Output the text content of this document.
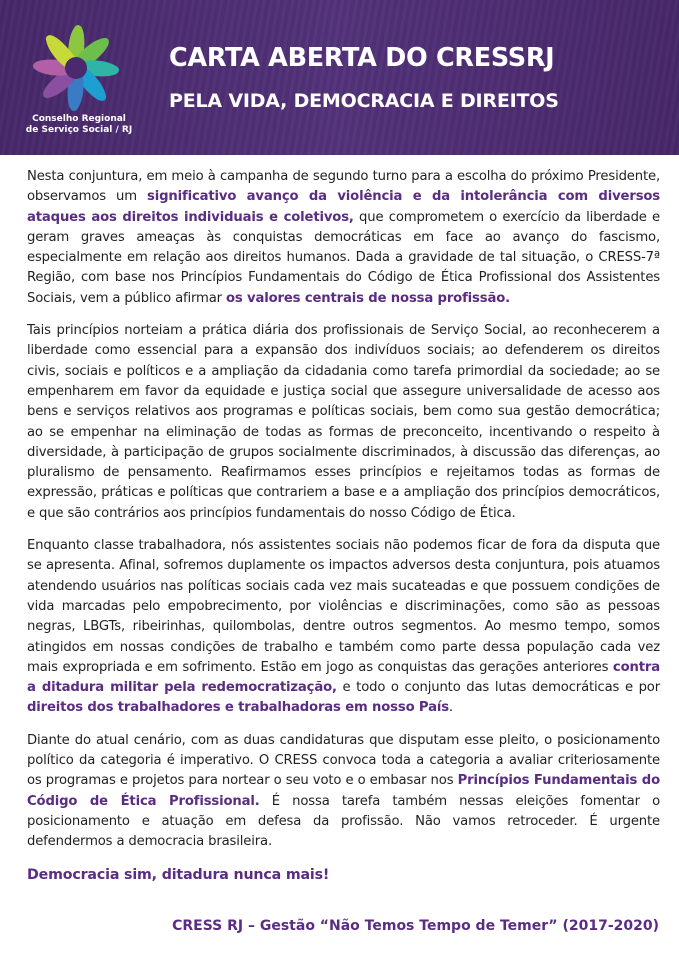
Conselho Regional
de Serviço Social / RJ
CARTA ABERTA DO CRESSRJ
PELA VIDA, DEMOCRACIA E DIREITOS

Nesta conjuntura, em meio à campanha de segundo turno para a escolha do próximo Presidente, observamos um significativo avanço da violência e da intolerância com diversos ataques aos direitos individuais e coletivos, que comprometem o exercício da liberdade e geram graves ameaças às conquistas democráticas em face ao avanço do fascismo, especialmente em relação aos direitos humanos. Dada a gravidade de tal situação, o CRESS-7ª Região, com base nos Princípios Fundamentais do Código de Ética Profissional dos Assistentes Sociais, vem a público afirmar os valores centrais de nossa profissão.

Tais princípios norteiam a prática diária dos profissionais de Serviço Social, ao reconhecerem a liberdade como essencial para a expansão dos indivíduos sociais; ao defenderem os direitos civis, sociais e políticos e a ampliação da cidadania como tarefa primordial da sociedade; ao se empenharem em favor da equidade e justiça social que assegure universalidade de acesso aos bens e serviços relativos aos programas e políticas sociais, bem como sua gestão democrática; ao se empenhar na eliminação de todas as formas de preconceito, incentivando o respeito à diversidade, à participação de grupos socialmente discriminados, à discussão das diferenças, ao pluralismo de pensamento. Reafirmamos esses princípios e rejeitamos todas as formas de expressão, práticas e políticas que contrariem a base e a ampliação dos princípios democráticos, e que são contrários aos princípios fundamentais do nosso Código de Ética.

Enquanto classe trabalhadora, nós assistentes sociais não podemos ficar de fora da disputa que se apresenta. Afinal, sofremos duplamente os impactos adversos desta conjuntura, pois atuamos atendendo usuários nas políticas sociais cada vez mais sucateadas e que possuem condições de vida marcadas pelo empobrecimento, por violências e discriminações, como são as pessoas negras, LBGTs, ribeirinhas, quilombolas, dentre outros segmentos. Ao mesmo tempo, somos atingidos em nossas condições de trabalho e também como parte dessa população cada vez mais expropriada e em sofrimento. Estão em jogo as conquistas das gerações anteriores contra a ditadura militar pela redemocratização, e todo o conjunto das lutas democráticas e por direitos dos trabalhadores e trabalhadoras em nosso País.

Diante do atual cenário, com as duas candidaturas que disputam esse pleito, o posicionamento político da categoria é imperativo. O CRESS convoca toda a categoria a avaliar criteriosamente os programas e projetos para nortear o seu voto e o embasar nos Princípios Fundamentais do Código de Ética Profissional. É nossa tarefa também nessas eleições fomentar o posicionamento e atuação em defesa da profissão. Não vamos retroceder. É urgente defendermos a democracia brasileira.

Democracia sim, ditadura nunca mais!

CRESS RJ – Gestão “Não Temos Tempo de Temer” (2017-2020)
